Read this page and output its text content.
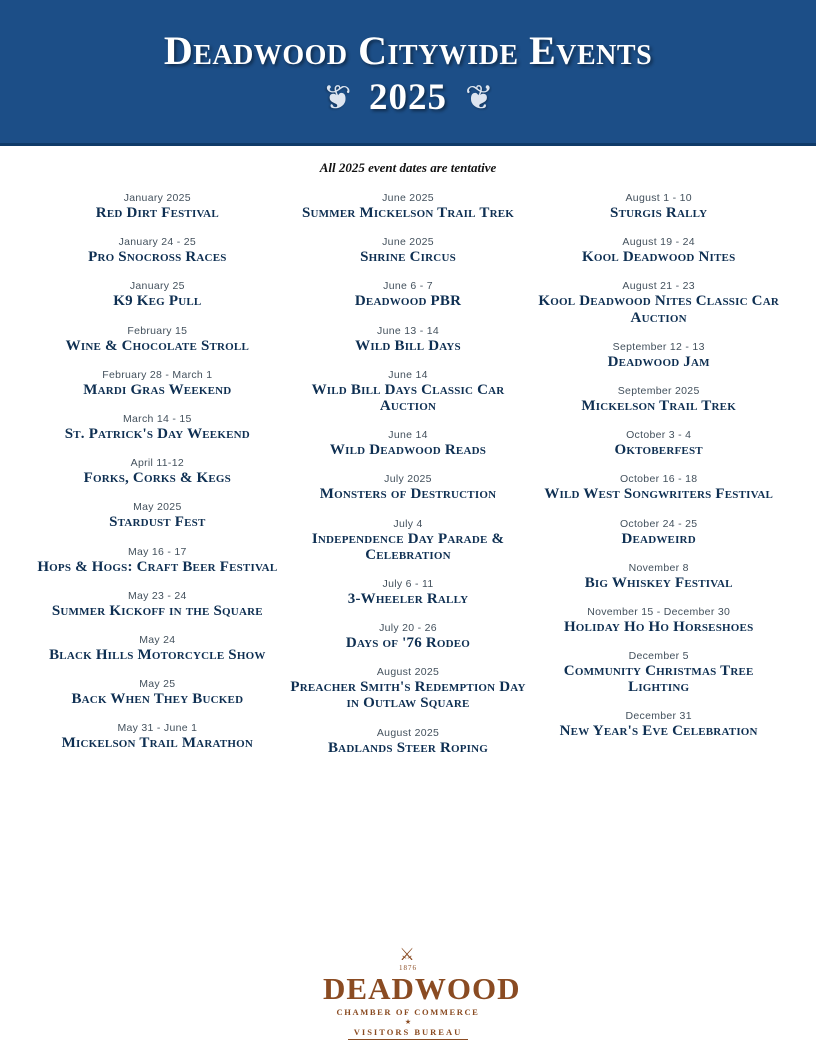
Deadwood Citywide Events
❦ 2025 ❦
All 2025 event dates are tentative
January 2025
Red Dirt Festival
January 24 - 25
Pro Snocross Races
January 25
K9 Keg Pull
February 15
Wine & Chocolate Stroll
February 28 - March 1
Mardi Gras Weekend
March 14 - 15
St. Patrick's Day Weekend
April 11-12
Forks, Corks & Kegs
May 2025
Stardust Fest
May 16 - 17
Hops & Hogs: Craft Beer Festival
May 23 - 24
Summer Kickoff in the Square
May 24
Black Hills Motorcycle Show
May 25
Back When They Bucked
May 31 - June 1
Mickelson Trail Marathon
June 2025
Summer Mickelson Trail Trek
June 2025
Shrine Circus
June 6 - 7
Deadwood PBR
June 13 - 14
Wild Bill Days
June 14
Wild Bill Days Classic Car Auction
June 14
Wild Deadwood Reads
July 2025
Monsters of Destruction
July 4
Independence Day Parade & Celebration
July 6 - 11
3-Wheeler Rally
July 20 - 26
Days of '76 Rodeo
August 2025
Preacher Smith's Redemption Day in Outlaw Square
August 2025
Badlands Steer Roping
August 1 - 10
Sturgis Rally
August 19 - 24
Kool Deadwood Nites
August 21 - 23
Kool Deadwood Nites Classic Car Auction
September 12 - 13
Deadwood Jam
September 2025
Mickelson Trail Trek
October 3 - 4
Oktoberfest
October 16 - 18
Wild West Songwriters Festival
October 24 - 25
Deadweird
November 8
Big Whiskey Festival
November 15 - December 30
Holiday Ho Ho Horseshoes
December 5
Community Christmas Tree Lighting
December 31
New Year's Eve Celebration
⚔
1876
DEADWOOD
CHAMBER OF COMMERCE
★
VISITORS BUREAU
